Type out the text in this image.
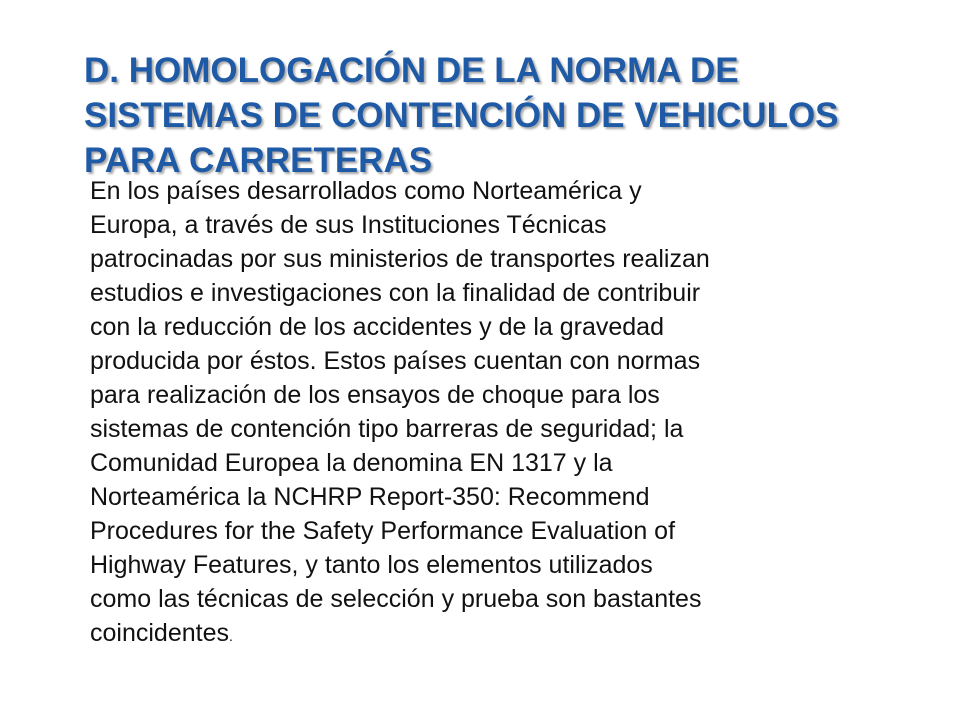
D. HOMOLOGACIÓN DE LA NORMA DE
SISTEMAS DE CONTENCIÓN DE VEHICULOS
PARA CARRETERAS
En los países desarrollados como Norteamérica y
Europa, a través de sus Instituciones Técnicas
patrocinadas por sus ministerios de transportes realizan
estudios e investigaciones con la finalidad de contribuir
con la reducción de los accidentes y de la gravedad
producida por éstos. Estos países cuentan con normas
para realización de los ensayos de choque para los
sistemas de contención tipo barreras de seguridad; la
Comunidad Europea la denomina EN 1317 y la
Norteamérica la NCHRP Report-350: Recommend
Procedures for the Safety Performance Evaluation of
Highway Features, y tanto los elementos utilizados
como las técnicas de selección y prueba son bastantes
coincidentes.
